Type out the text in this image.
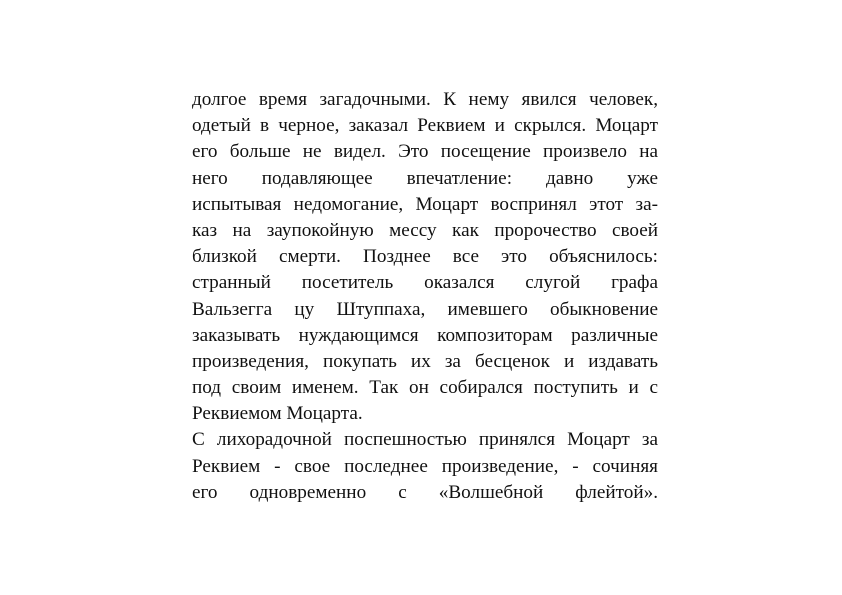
долгое время загадочными. К нему явился человек,
одетый в черное, заказал Реквием и скрылся. Моцарт
его больше не видел. Это посещение произвело на
него подавляющее впечатление: давно уже
испытывая недомогание, Моцарт воспринял этот за-
каз на заупокойную мессу как пророчество своей
близкой смерти. Позднее все это объяснилось:
странный посетитель оказался слугой графа
Вальзегга цу Штуппаха, имевшего обыкновение
заказывать нуждающимся композиторам различные
произведения, покупать их за бесценок и издавать
под своим именем. Так он собирался поступить и с
Реквиемом Моцарта.
С лихорадочной поспешностью принялся Моцарт за
Реквием - свое последнее произведение, - сочиняя
его одновременно с «Волшебной флейтой».
